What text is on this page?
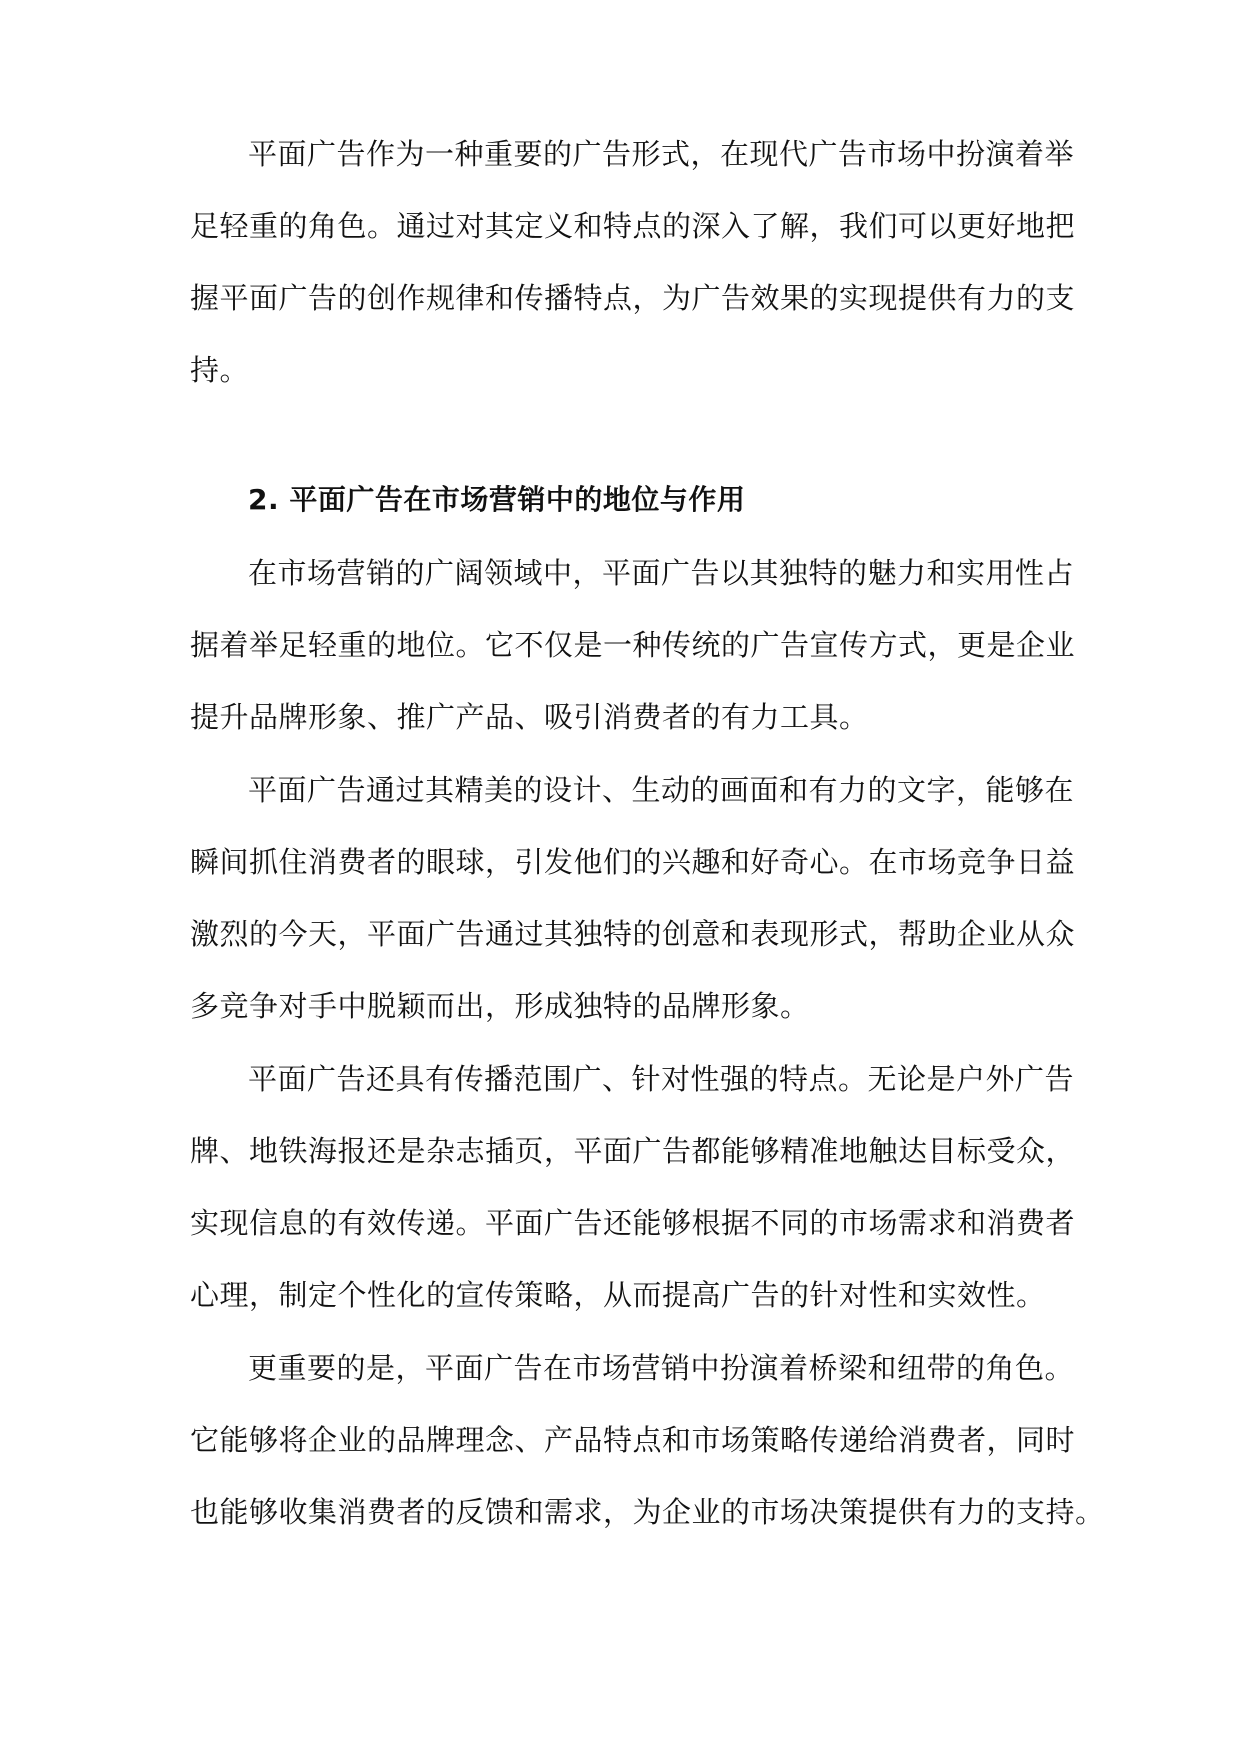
平面广告作为一种重要的广告形式，在现代广告市场中扮演着举
足轻重的角色。通过对其定义和特点的深入了解，我们可以更好地把
握平面广告的创作规律和传播特点，为广告效果的实现提供有力的支
持。
2. 平面广告在市场营销中的地位与作用
在市场营销的广阔领域中，平面广告以其独特的魅力和实用性占
据着举足轻重的地位。它不仅是一种传统的广告宣传方式，更是企业
提升品牌形象、推广产品、吸引消费者的有力工具。
平面广告通过其精美的设计、生动的画面和有力的文字，能够在
瞬间抓住消费者的眼球，引发他们的兴趣和好奇心。在市场竞争日益
激烈的今天，平面广告通过其独特的创意和表现形式，帮助企业从众
多竞争对手中脱颖而出，形成独特的品牌形象。
平面广告还具有传播范围广、针对性强的特点。无论是户外广告
牌、地铁海报还是杂志插页，平面广告都能够精准地触达目标受众，
实现信息的有效传递。平面广告还能够根据不同的市场需求和消费者
心理，制定个性化的宣传策略，从而提高广告的针对性和实效性。
更重要的是，平面广告在市场营销中扮演着桥梁和纽带的角色。
它能够将企业的品牌理念、产品特点和市场策略传递给消费者，同时
也能够收集消费者的反馈和需求，为企业的市场决策提供有力的支持。
